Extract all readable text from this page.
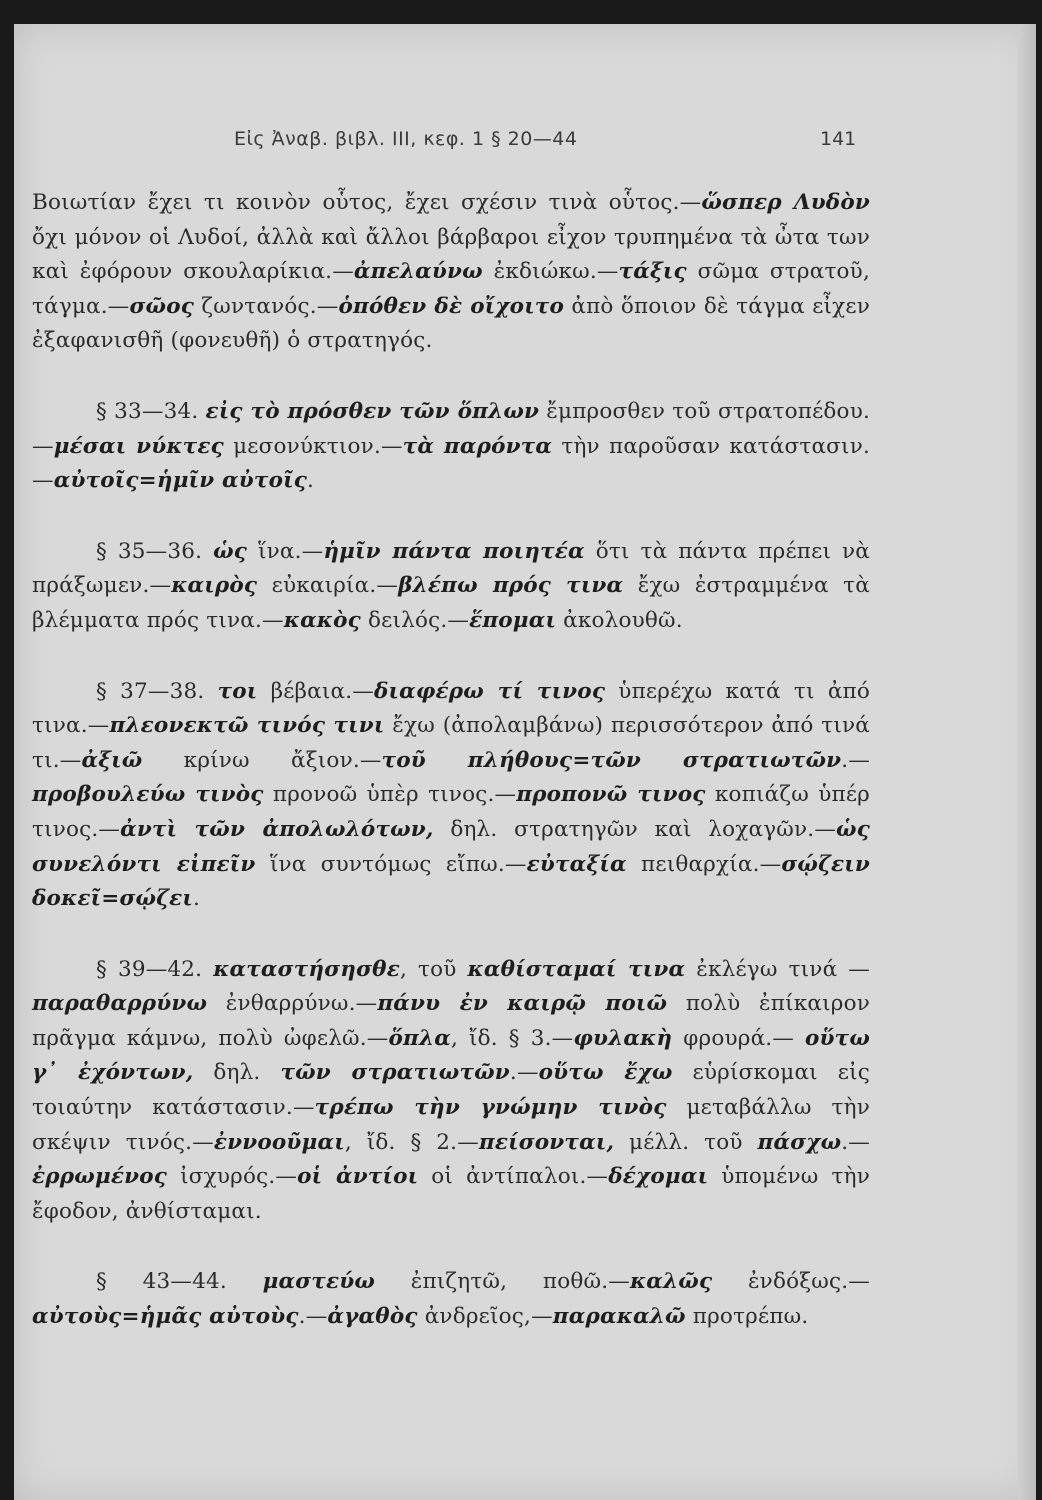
Εἰς Ἀναβ. βιβλ. ΙΙΙ, κεφ. 1 § 20—44	141

Βοιωτίαν ἔχει τι κοινὸν οὗτος, ἔχει σχέσιν τινὰ οὗτος.—ὥσπερ Λυδὸν ὄχι μόνον οἱ Λυδοί, ἀλλὰ καὶ ἄλλοι βάρβαροι εἶχον τρυπημένα τὰ ὦτα των καὶ ἐφόρουν σκουλαρίκια.—ἀπελαύνω ἐκδιώκω.—τάξις σῶμα στρατοῦ, τάγμα.—σῶος ζωντανός.—ὁπόθεν δὲ οἴχοιτο ἀπὸ ὅποιον δὲ τάγμα εἶχεν ἐξαφανισθῆ (φονευθῆ) ὁ στρατηγός.

§ 33—34. εἰς τὸ πρόσθεν τῶν ὅπλων ἔμπροσθεν τοῦ στρατοπέδου.—μέσαι νύκτες μεσονύκτιον.—τὰ παρόντα τὴν παροῦσαν κατάστασιν.—αὐτοῖς=ἡμῖν αὐτοῖς.

§ 35—36. ὡς ἵνα.—ἡμῖν πάντα ποιητέα ὅτι τὰ πάντα πρέπει νὰ πράξωμεν.—καιρὸς εὐκαιρία.—βλέπω πρός τινα ἔχω ἐστραμμένα τὰ βλέμματα πρός τινα.—κακὸς δειλός.—ἕπομαι ἀκολουθῶ.

§ 37—38. τοι βέβαια.—διαφέρω τί τινος ὑπερέχω κατά τι ἀπό τινα.—πλεονεκτῶ τινός τινι ἔχω (ἀπολαμβάνω) περισσότερον ἀπό τινά τι.—ἀξιῶ κρίνω ἄξιον.—τοῦ πλήθους=τῶν στρατιωτῶν.—προβουλεύω τινὸς προνοῶ ὑπὲρ τινος.—προπονῶ τινος κοπιάζω ὑπέρ τινος.—ἀντὶ τῶν ἀπολωλότων, δηλ. στρατηγῶν καὶ λοχαγῶν.—ὡς συνελόντι εἰπεῖν ἵνα συντόμως εἴπω.—εὐταξία πειθαρχία.—σῴζειν δοκεῖ=σῴζει.

§ 39—42. καταστήσησθε, τοῦ καθίσταμαί τινα ἐκλέγω τινά —παραθαρρύνω ἐνθαρρύνω.—πάνυ ἐν καιρῷ ποιῶ πολὺ ἐπίκαιρον πρᾶγμα κάμνω, πολὺ ὠφελῶ.—ὅπλα, ἴδ. § 3.—φυλακὴ φρουρά.— οὕτω γ᾽ ἐχόντων, δηλ. τῶν στρατιωτῶν.—οὕτω ἔχω εὑρίσκομαι εἰς τοιαύτην κατάστασιν.—τρέπω τὴν γνώμην τινὸς μεταβάλλω τὴν σκέψιν τινός.—ἐννοοῦμαι, ἴδ. § 2.—πείσονται, μέλλ. τοῦ πάσχω.—ἐρρωμένος ἰσχυρός.—οἱ ἀντίοι οἱ ἀντίπαλοι.—δέχομαι ὑπομένω τὴν ἔφοδον, ἀνθίσταμαι.

§ 43—44. μαστεύω ἐπιζητῶ, ποθῶ.—καλῶς ἐνδόξως.—αὐτοὺς=ἡμᾶς αὐτοὺς.—ἀγαθὸς ἀνδρεῖος,—παρακαλῶ προτρέπω.
